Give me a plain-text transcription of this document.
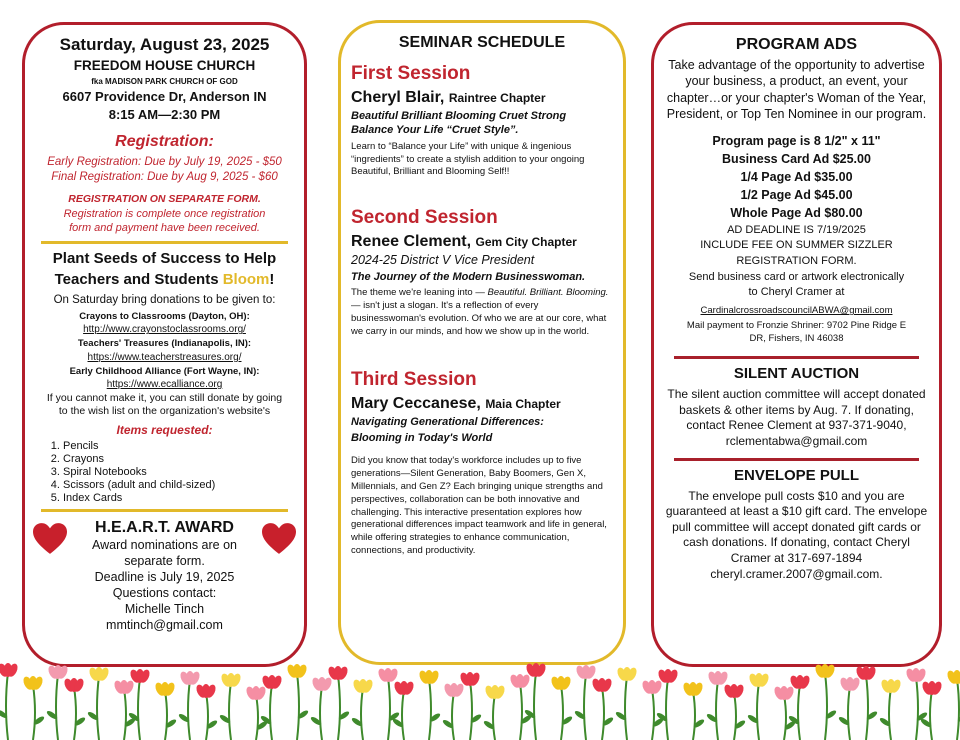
Saturday, August 23, 2025

FREEDOM HOUSE CHURCH

fka MADISON PARK CHURCH OF GOD

6607 Providence Dr, Anderson IN

8:15 AM—2:30 PM

Registration:

Early Registration: Due by July 19, 2025 - $50

Final Registration: Due by Aug 9, 2025 - $60

REGISTRATION ON SEPARATE FORM.

Registration is complete once registration

form and payment have been received.

Plant Seeds of Success to Help

Teachers and Students Bloom!

On Saturday bring donations to be given to:

Crayons to Classrooms (Dayton, OH):

http://www.crayonstoclassrooms.org/

Teachers' Treasures (Indianapolis, IN):

https://www.teacherstreasures.org/

Early Childhood Alliance (Fort Wayne, IN):

https://www.ecalliance.org

If you cannot make it, you can still donate by going

to the wish list on the organization's website's

Items requested:

1. Pencils
2. Crayons
3. Spiral Notebooks
4. Scissors (adult and child-sized)
5. Index Cards

H.E.A.R.T. AWARD

Award nominations are on

separate form.

Deadline is July 19, 2025

Questions contact:

Michelle Tinch

mmtinch@gmail.com

SEMINAR SCHEDULE

First Session

Cheryl Blair, Raintree Chapter

Beautiful Brilliant Blooming Cruet Strong

Balance Your Life “Cruet Style”.

Learn to “Balance your Life” with unique & ingenious “ingredients” to create a stylish addition to your ongoing Beautiful, Brilliant and Blooming Self!!

Second Session

Renee Clement, Gem City Chapter

2024-25 District V Vice President

The Journey of the Modern Businesswoman.

The theme we're leaning into — Beautiful. Brilliant. Blooming. — isn't just a slogan. It's a reflection of every businesswoman's evolution. Of who we are at our core, what we carry in our minds, and how we show up in the world.

Third Session

Mary Ceccanese, Maia Chapter

Navigating Generational Differences:

Blooming in Today's World

Did you know that today's workforce includes up to five generations—Silent Generation, Baby Boomers, Gen X, Millennials, and Gen Z? Each bringing unique strengths and perspectives, collaboration can be both innovative and challenging. This interactive presentation explores how generational differences impact teamwork and life in general, while offering strategies to enhance communication, connections, and productivity.

PROGRAM ADS

Take advantage of the opportunity to advertise your business, a product, an event, your chapter…or your chapter's Woman of the Year, President, or Top Ten Nominee in our program.

Program page is 8 1/2" x 11"

Business Card Ad $25.00

1/4 Page Ad $35.00

1/2 Page Ad $45.00

Whole Page Ad $80.00

AD DEADLINE IS 7/19/2025

INCLUDE FEE ON SUMMER SIZZLER

REGISTRATION FORM.

Send business card or artwork electronically

to Cheryl Cramer at

CardinalcrossroadscouncilABWA@gmail.com

Mail payment to Fronzie Shriner: 9702 Pine Ridge E

DR, Fishers, IN 46038

SILENT AUCTION

The silent auction committee will accept donated baskets & other items by Aug. 7. If donating, contact Renee Clement at 937-371-9040, rclementabwa@gmail.com

ENVELOPE PULL

The envelope pull costs $10 and you are guaranteed at least a $10 gift card. The envelope pull committee will accept donated gift cards or cash donations. If donating, contact Cheryl Cramer at 317-697-1894 cheryl.cramer.2007@gmail.com.
